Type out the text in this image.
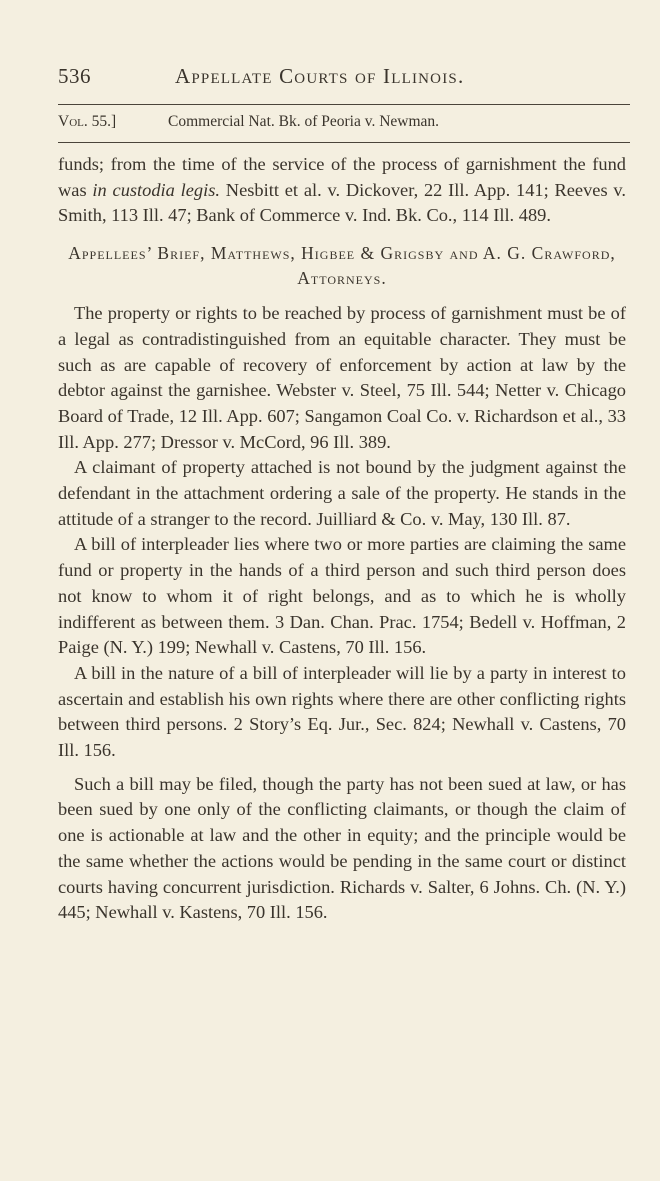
536	Appellate Courts of Illinois.
Vol. 55.]	Commercial Nat. Bk. of Peoria v. Newman.

funds; from the time of the service of the process of garnishment the fund was in custodia legis. Nesbitt et al. v. Dickover, 22 Ill. App. 141; Reeves v. Smith, 113 Ill. 47; Bank of Commerce v. Ind. Bk. Co., 114 Ill. 489.

Appellees’ Brief, Matthews, Higbee & Grigsby and A. G. Crawford, Attorneys.

The property or rights to be reached by process of garnishment must be of a legal as contradistinguished from an equitable character. They must be such as are capable of recovery of enforcement by action at law by the debtor against the garnishee. Webster v. Steel, 75 Ill. 544; Netter v. Chicago Board of Trade, 12 Ill. App. 607; Sangamon Coal Co. v. Richardson et al., 33 Ill. App. 277; Dressor v. McCord, 96 Ill. 389.

A claimant of property attached is not bound by the judgment against the defendant in the attachment ordering a sale of the property. He stands in the attitude of a stranger to the record. Juilliard & Co. v. May, 130 Ill. 87.

A bill of interpleader lies where two or more parties are claiming the same fund or property in the hands of a third person and such third person does not know to whom it of right belongs, and as to which he is wholly indifferent as between them. 3 Dan. Chan. Prac. 1754; Bedell v. Hoffman, 2 Paige (N. Y.) 199; Newhall v. Castens, 70 Ill. 156.

A bill in the nature of a bill of interpleader will lie by a party in interest to ascertain and establish his own rights where there are other conflicting rights between third persons. 2 Story’s Eq. Jur., Sec. 824; Newhall v. Castens, 70 Ill. 156.

Such a bill may be filed, though the party has not been sued at law, or has been sued by one only of the conflicting claimants, or though the claim of one is actionable at law and the other in equity; and the principle would be the same whether the actions would be pending in the same court or distinct courts having concurrent jurisdiction. Richards v. Salter, 6 Johns. Ch. (N. Y.) 445; Newhall v. Kastens, 70 Ill. 156.
